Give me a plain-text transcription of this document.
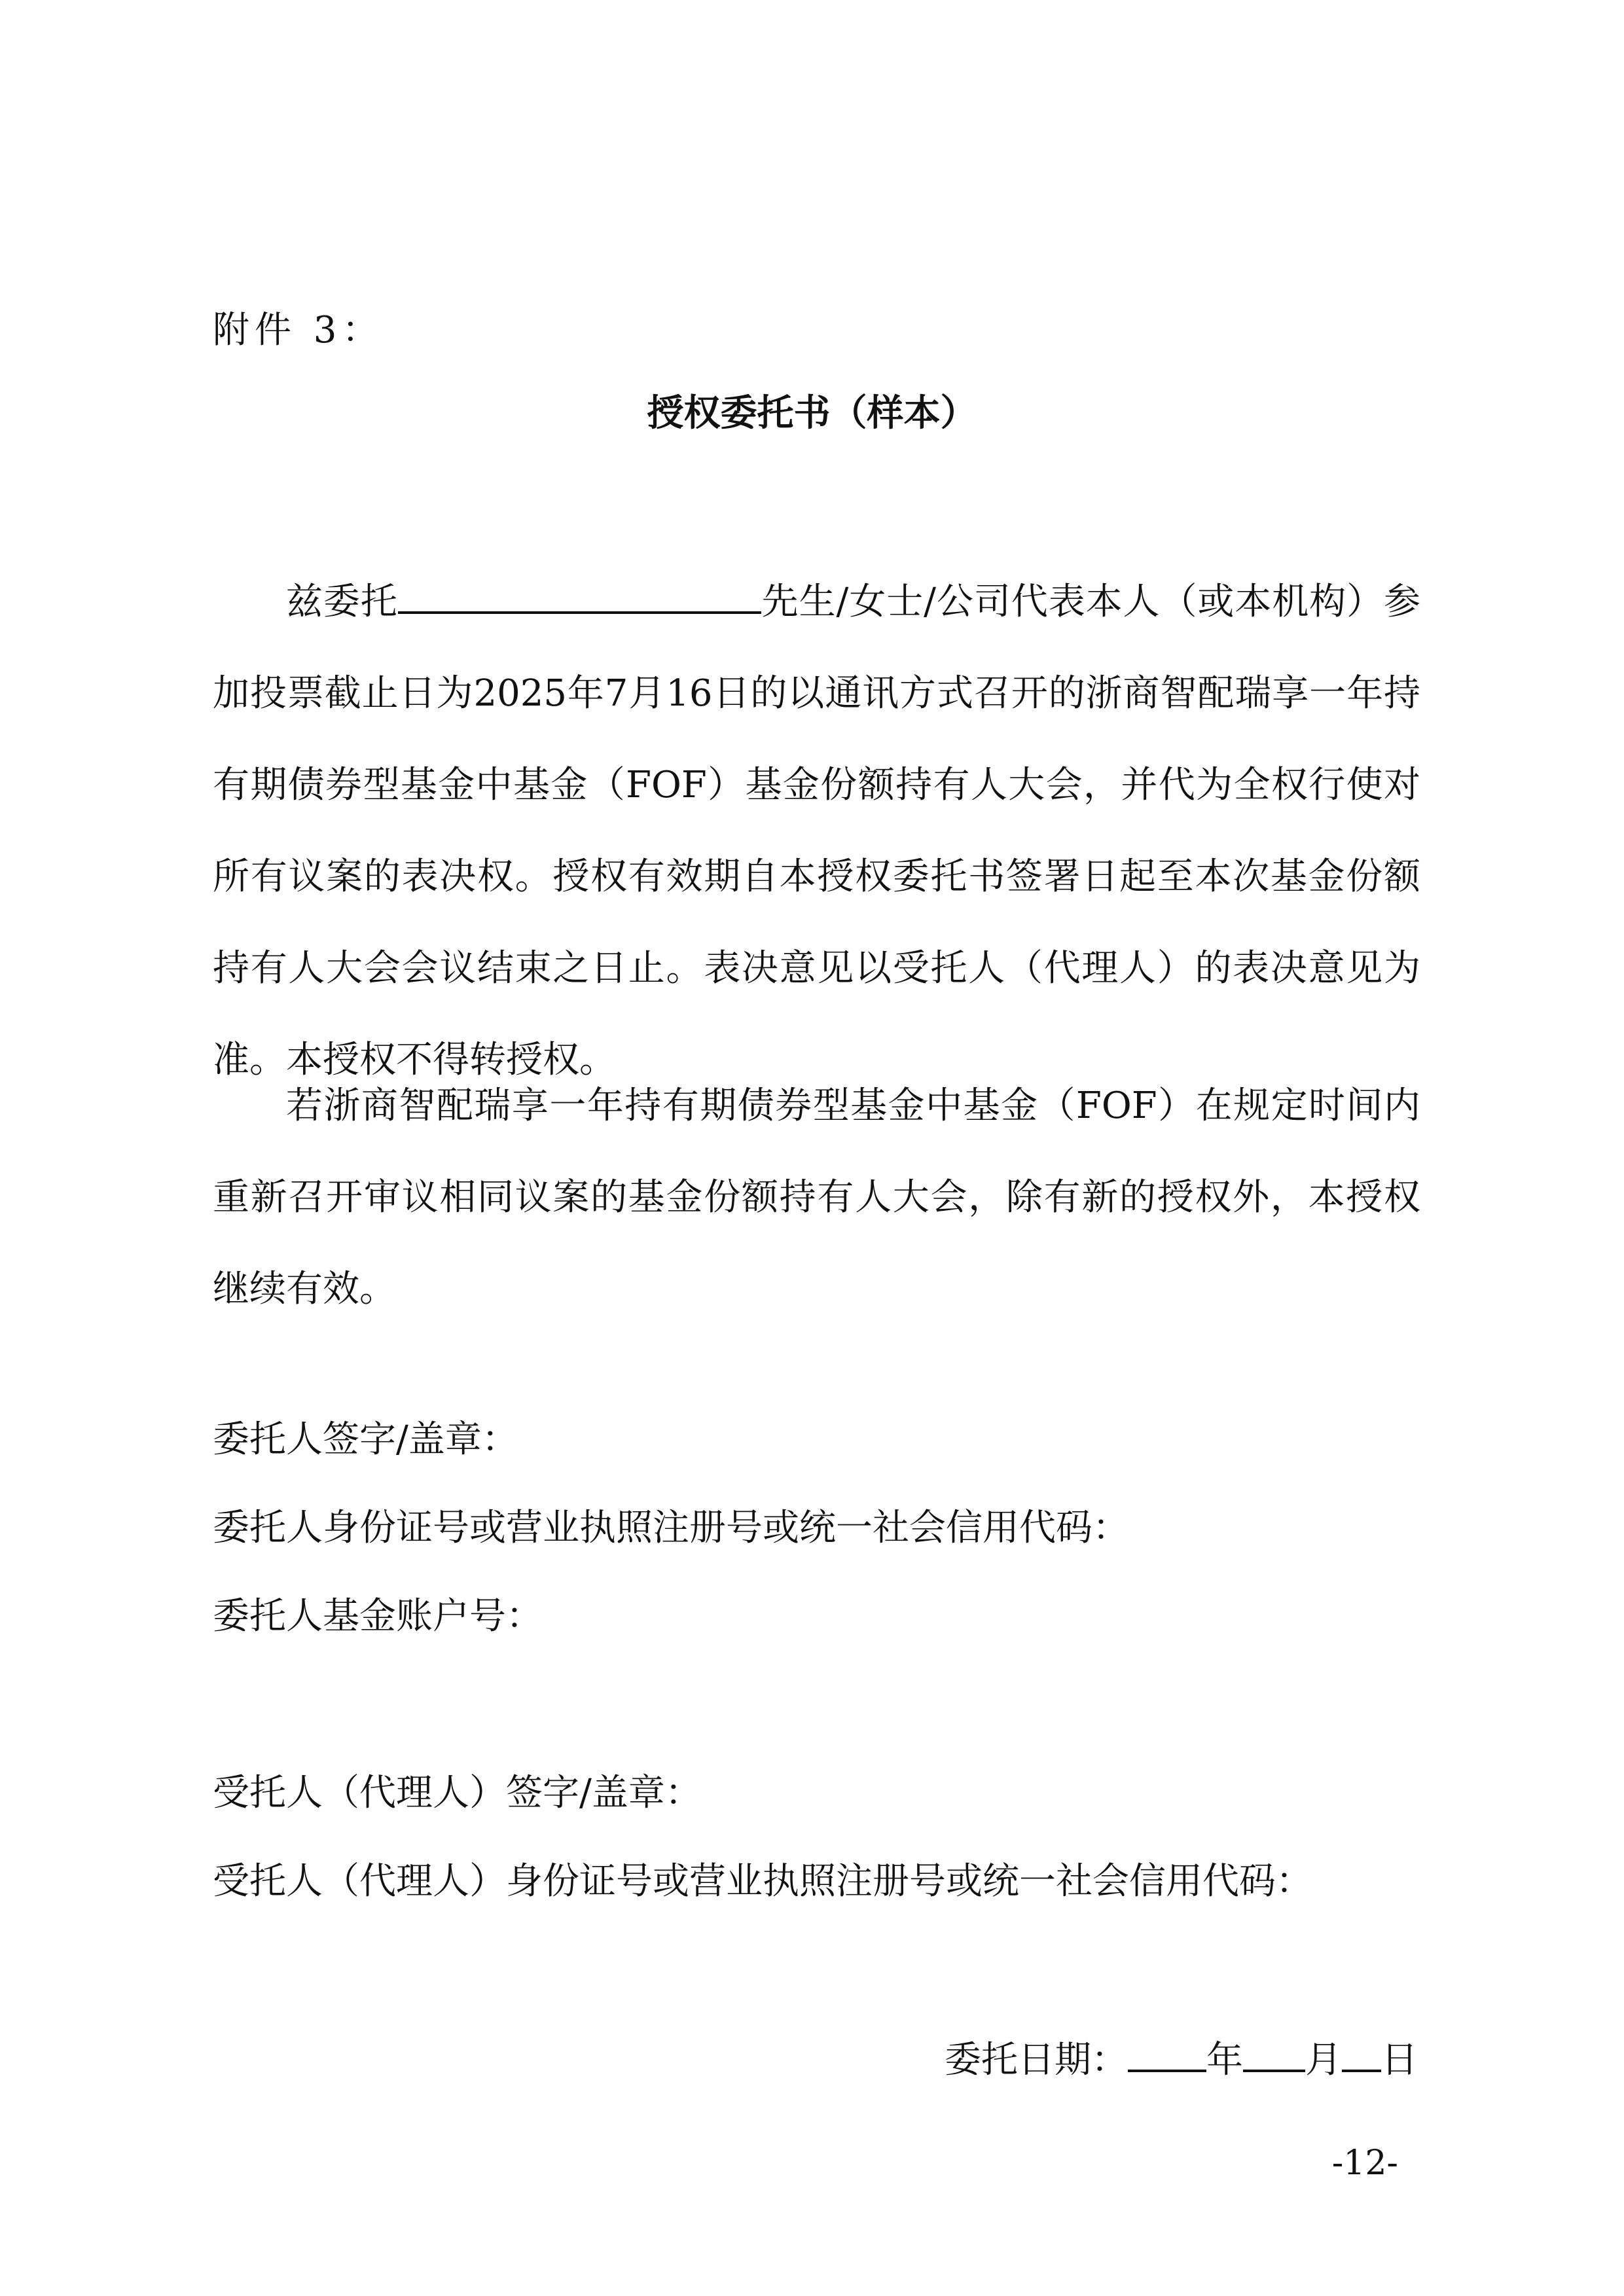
附件 3：
授权委托书（样本）

兹委托	先生/女士/公司代表本人（或本机构）参加投票截止日为2025年7月16日的以通讯方式召开的浙商智配瑞享一年持有期债券型基金中基金（FOF）基金份额持有人大会，并代为全权行使对所有议案的表决权。授权有效期自本授权委托书签署日起至本次基金份额持有人大会会议结束之日止。表决意见以受托人（代理人）的表决意见为准。本授权不得转授权。

若浙商智配瑞享一年持有期债券型基金中基金（FOF）在规定时间内重新召开审议相同议案的基金份额持有人大会，除有新的授权外，本授权继续有效。

委托人签字/盖章：
委托人身份证号或营业执照注册号或统一社会信用代码：
委托人基金账户号：
受托人（代理人）签字/盖章：
受托人（代理人）身份证号或营业执照注册号或统一社会信用代码：
委托日期： 年 月 日
-12-
